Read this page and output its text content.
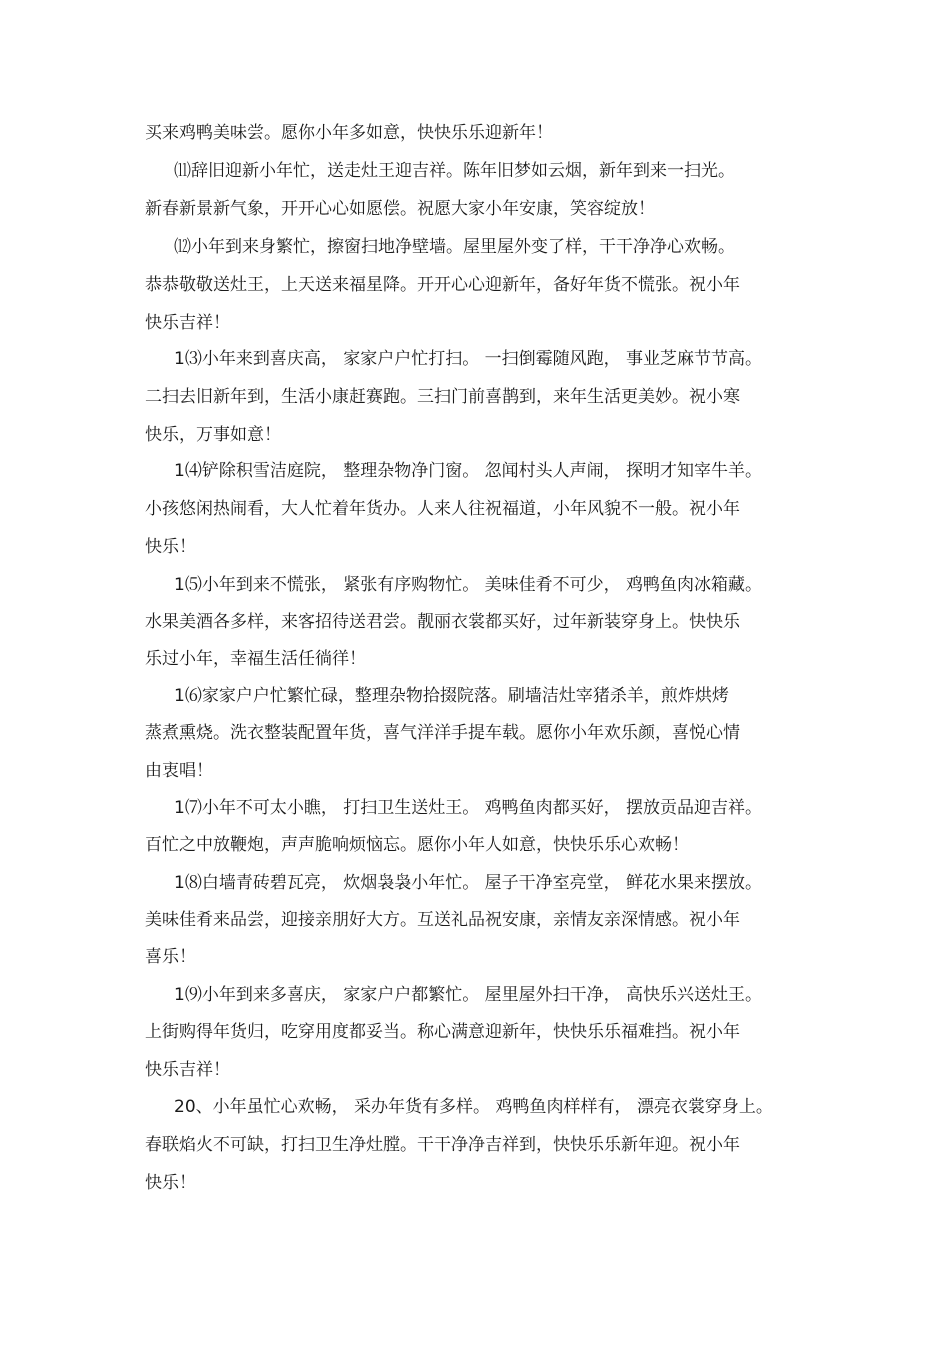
买来鸡鸭美味尝。愿你小年多如意，快快乐乐迎新年！
⑾辞旧迎新小年忙，送走灶王迎吉祥。陈年旧梦如云烟，新年到来一扫光。
新春新景新气象，开开心心如愿偿。祝愿大家小年安康，笑容绽放！
⑿小年到来身繁忙，擦窗扫地净壁墙。屋里屋外变了样，干干净净心欢畅。
恭恭敬敬送灶王，上天送来福星降。开开心心迎新年，备好年货不慌张。祝小年
快乐吉祥！
1⑶小年来到喜庆高， 家家户户忙打扫。 一扫倒霉随风跑， 事业芝麻节节高。
二扫去旧新年到，生活小康赶赛跑。三扫门前喜鹊到，来年生活更美妙。祝小寒
快乐，万事如意！
1⑷铲除积雪洁庭院， 整理杂物净门窗。 忽闻村头人声闹， 探明才知宰牛羊。
小孩悠闲热闹看，大人忙着年货办。人来人往祝福道，小年风貌不一般。祝小年
快乐！
1⑸小年到来不慌张， 紧张有序购物忙。 美味佳肴不可少， 鸡鸭鱼肉冰箱藏。
水果美酒各多样，来客招待送君尝。靓丽衣裳都买好，过年新装穿身上。快快乐
乐过小年，幸福生活任徜徉！
1⑹家家户户忙繁忙碌，整理杂物拾掇院落。刷墙洁灶宰猪杀羊，煎炸烘烤
蒸煮熏烧。洗衣整装配置年货，喜气洋洋手提车载。愿你小年欢乐颜，喜悦心情
由衷唱！
1⑺小年不可太小瞧， 打扫卫生送灶王。 鸡鸭鱼肉都买好， 摆放贡品迎吉祥。
百忙之中放鞭炮，声声脆响烦恼忘。愿你小年人如意，快快乐乐心欢畅！
1⑻白墙青砖碧瓦亮， 炊烟袅袅小年忙。 屋子干净室亮堂， 鲜花水果来摆放。
美味佳肴来品尝，迎接亲朋好大方。互送礼品祝安康，亲情友亲深情感。祝小年
喜乐！
1⑼小年到来多喜庆， 家家户户都繁忙。 屋里屋外扫干净， 高快乐兴送灶王。
上街购得年货归，吃穿用度都妥当。称心满意迎新年，快快乐乐福难挡。祝小年
快乐吉祥！
20、小年虽忙心欢畅， 采办年货有多样。 鸡鸭鱼肉样样有， 漂亮衣裳穿身上。
春联焰火不可缺，打扫卫生净灶膛。干干净净吉祥到，快快乐乐新年迎。祝小年
快乐！
